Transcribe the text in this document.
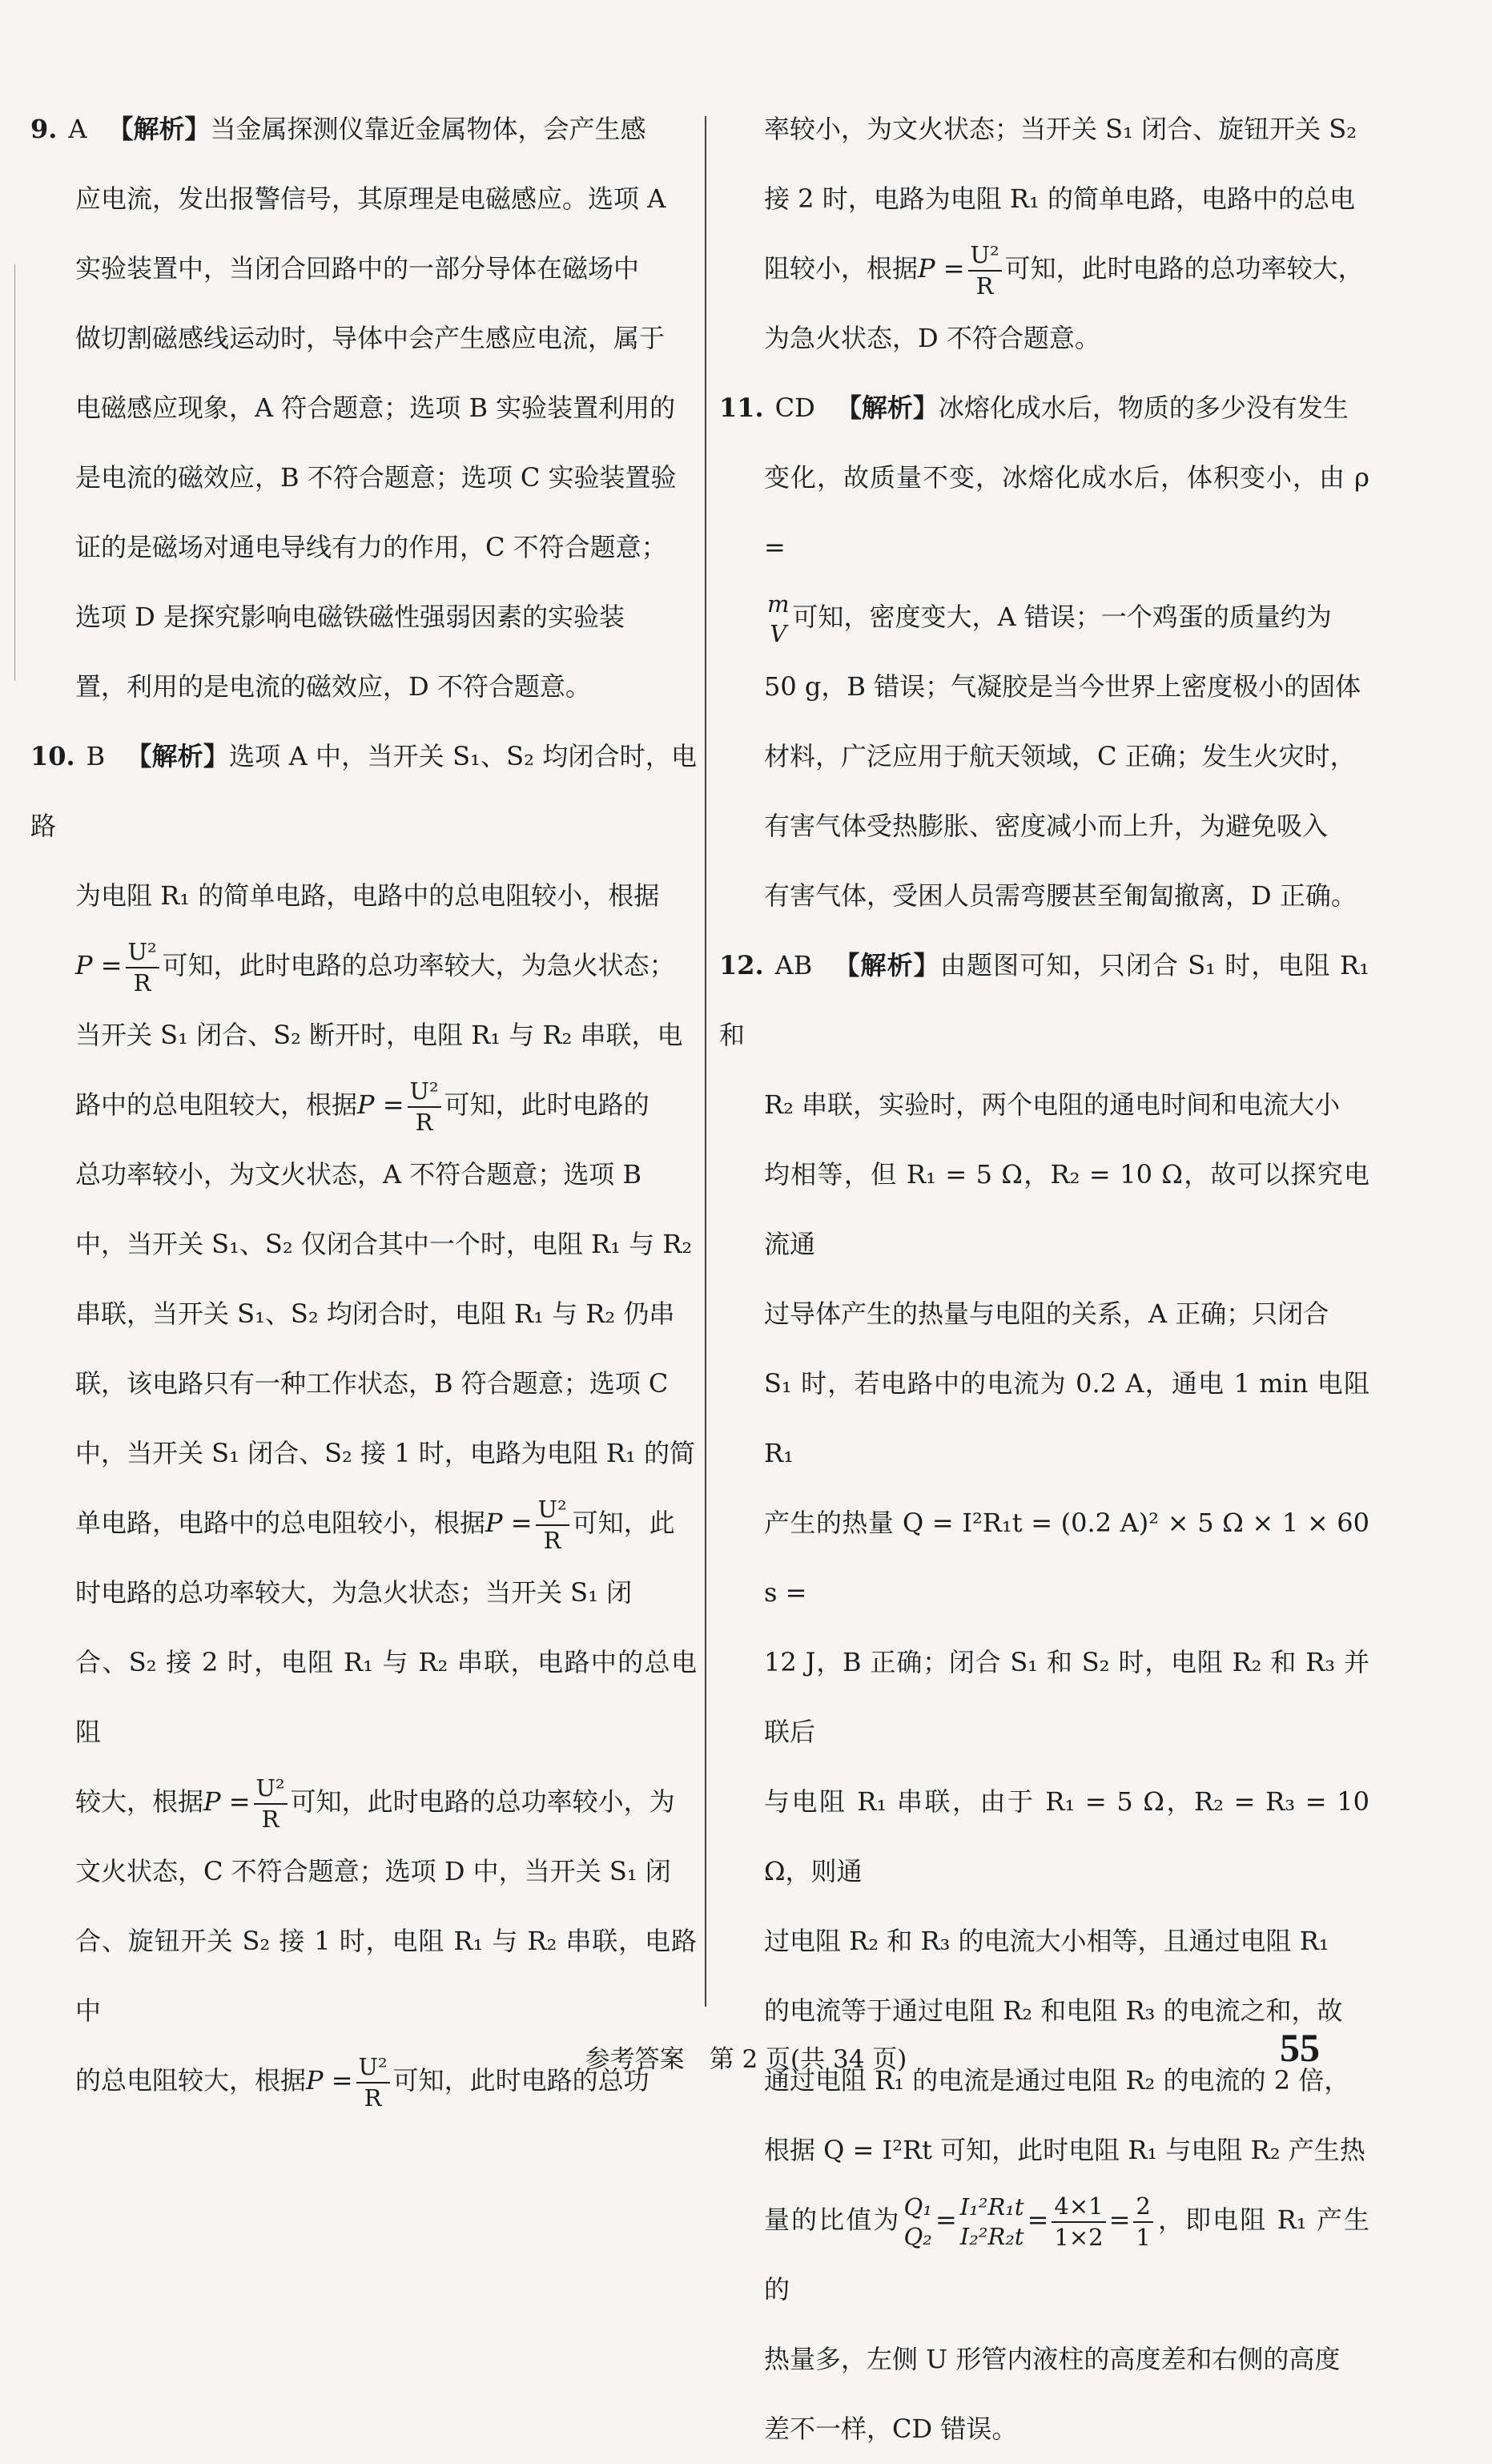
9. A 【解析】当金属探测仪靠近金属物体，会产生感

应电流，发出报警信号，其原理是电磁感应。选项 A

实验装置中，当闭合回路中的一部分导体在磁场中

做切割磁感线运动时，导体中会产生感应电流，属于

电磁感应现象，A 符合题意；选项 B 实验装置利用的

是电流的磁效应，B 不符合题意；选项 C 实验装置验

证的是磁场对通电导线有力的作用，C 不符合题意；

选项 D 是探究影响电磁铁磁性强弱因素的实验装

置，利用的是电流的磁效应，D 不符合题意。

10. B 【解析】选项 A 中，当开关 S₁、S₂ 均闭合时，电路

为电阻 R₁ 的简单电路，电路中的总电阻较小，根据

$P = \frac{\text{U²}}{R}$ 可知，此时电路的总功率较大，为急火状态；

当开关 S₁ 闭合、S₂ 断开时，电阻 R₁ 与 R₂ 串联，电

路中的总电阻较大，根据$P = \frac{\text{U²}}{R}$ 可知，此时电路的

总功率较小，为文火状态，A 不符合题意；选项 B

中，当开关 S₁、S₂ 仅闭合其中一个时，电阻 R₁ 与 R₂

串联，当开关 S₁、S₂ 均闭合时，电阻 R₁ 与 R₂ 仍串

联，该电路只有一种工作状态，B 符合题意；选项 C

中，当开关 S₁ 闭合、S₂ 接 1 时，电路为电阻 R₁ 的简

单电路，电路中的总电阻较小，根据$P = \frac{\text{U²}}{R}$ 可知，此

时电路的总功率较大，为急火状态；当开关 S₁ 闭

合、S₂ 接 2 时，电阻 R₁ 与 R₂ 串联，电路中的总电阻

较大，根据$P = \frac{\text{U²}}{R}$ 可知，此时电路的总功率较小，为

文火状态，C 不符合题意；选项 D 中，当开关 S₁ 闭

合、旋钮开关 S₂ 接 1 时，电阻 R₁ 与 R₂ 串联，电路中

的总电阻较大，根据$P = \frac{\text{U²}}{R}$ 可知，此时电路的总功

率较小，为文火状态；当开关 S₁ 闭合、旋钮开关 S₂

接 2 时，电路为电阻 R₁ 的简单电路，电路中的总电

阻较小，根据$P = \frac{\text{U²}}{R}$ 可知，此时电路的总功率较大，

为急火状态，D 不符合题意。

11. CD 【解析】冰熔化成水后，物质的多少没有发生

变化，故质量不变，冰熔化成水后，体积变小，由 ρ =

m
V
可知，密度变大，A 错误；一个鸡蛋的质量约为

50 g，B 错误；气凝胶是当今世界上密度极小的固体

材料，广泛应用于航天领域，C 正确；发生火灾时，

有害气体受热膨胀、密度减小而上升，为避免吸入

有害气体，受困人员需弯腰甚至匍匐撤离，D 正确。

12. AB 【解析】由题图可知，只闭合 S₁ 时，电阻 R₁ 和

R₂ 串联，实验时，两个电阻的通电时间和电流大小

均相等，但 R₁ = 5 Ω，R₂ = 10 Ω，故可以探究电流通

过导体产生的热量与电阻的关系，A 正确；只闭合

S₁ 时，若电路中的电流为 0.2 A，通电 1 min 电阻 R₁

产生的热量 Q = I²R₁t = (0.2 A)² × 5 Ω × 1 × 60 s =

12 J，B 正确；闭合 S₁ 和 S₂ 时，电阻 R₂ 和 R₃ 并联后

与电阻 R₁ 串联，由于 R₁ = 5 Ω，R₂ = R₃ = 10 Ω，则通

过电阻 R₂ 和 R₃ 的电流大小相等，且通过电阻 R₁

的电流等于通过电阻 R₂ 和电阻 R₃ 的电流之和，故

通过电阻 R₁ 的电流是通过电阻 R₂ 的电流的 2 倍，

根据 Q = I²Rt 可知，此时电阻 R₁ 与电阻 R₂ 产生热

量的比值为 Q₁
Q₂
= I₁²R₁t
I₂²R₂t
= $\frac{4\times 1}{1\times 2} = \frac{2}{1}$ ，即电阻 R₁ 产生的

热量多，左侧 U 形管内液柱的高度差和右侧的高度

差不一样，CD 错误。

参考答案　第 2 页(共 34 页)	55
